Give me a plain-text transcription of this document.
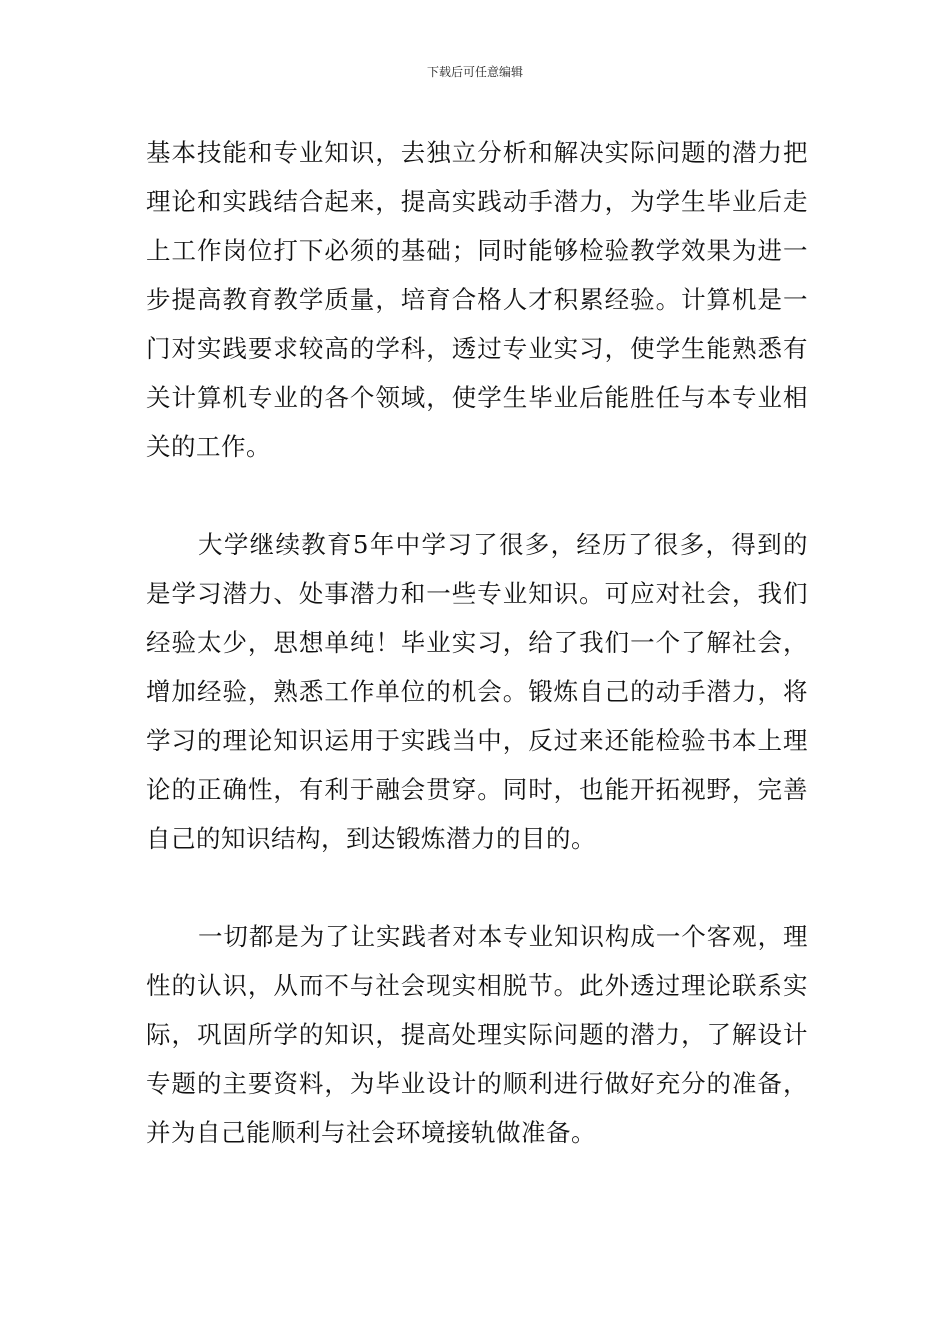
下载后可任意编辑

基本技能和专业知识，去独立分析和解决实际问题的潜力把理论和实践结合起来，提高实践动手潜力，为学生毕业后走上工作岗位打下必须的基础；同时能够检验教学效果为进一步提高教育教学质量，培育合格人才积累经验。计算机是一门对实践要求较高的学科，透过专业实习，使学生能熟悉有关计算机专业的各个领域，使学生毕业后能胜任与本专业相关的工作。

大学继续教育5年中学习了很多，经历了很多，得到的是学习潜力、处事潜力和一些专业知识。可应对社会，我们经验太少，思想单纯！毕业实习，给了我们一个了解社会，增加经验，熟悉工作单位的机会。锻炼自己的动手潜力，将学习的理论知识运用于实践当中，反过来还能检验书本上理论的正确性，有利于融会贯穿。同时，也能开拓视野，完善自己的知识结构，到达锻炼潜力的目的。

一切都是为了让实践者对本专业知识构成一个客观，理性的认识，从而不与社会现实相脱节。此外透过理论联系实际，巩固所学的知识，提高处理实际问题的潜力，了解设计专题的主要资料，为毕业设计的顺利进行做好充分的准备，并为自己能顺利与社会环境接轨做准备。
